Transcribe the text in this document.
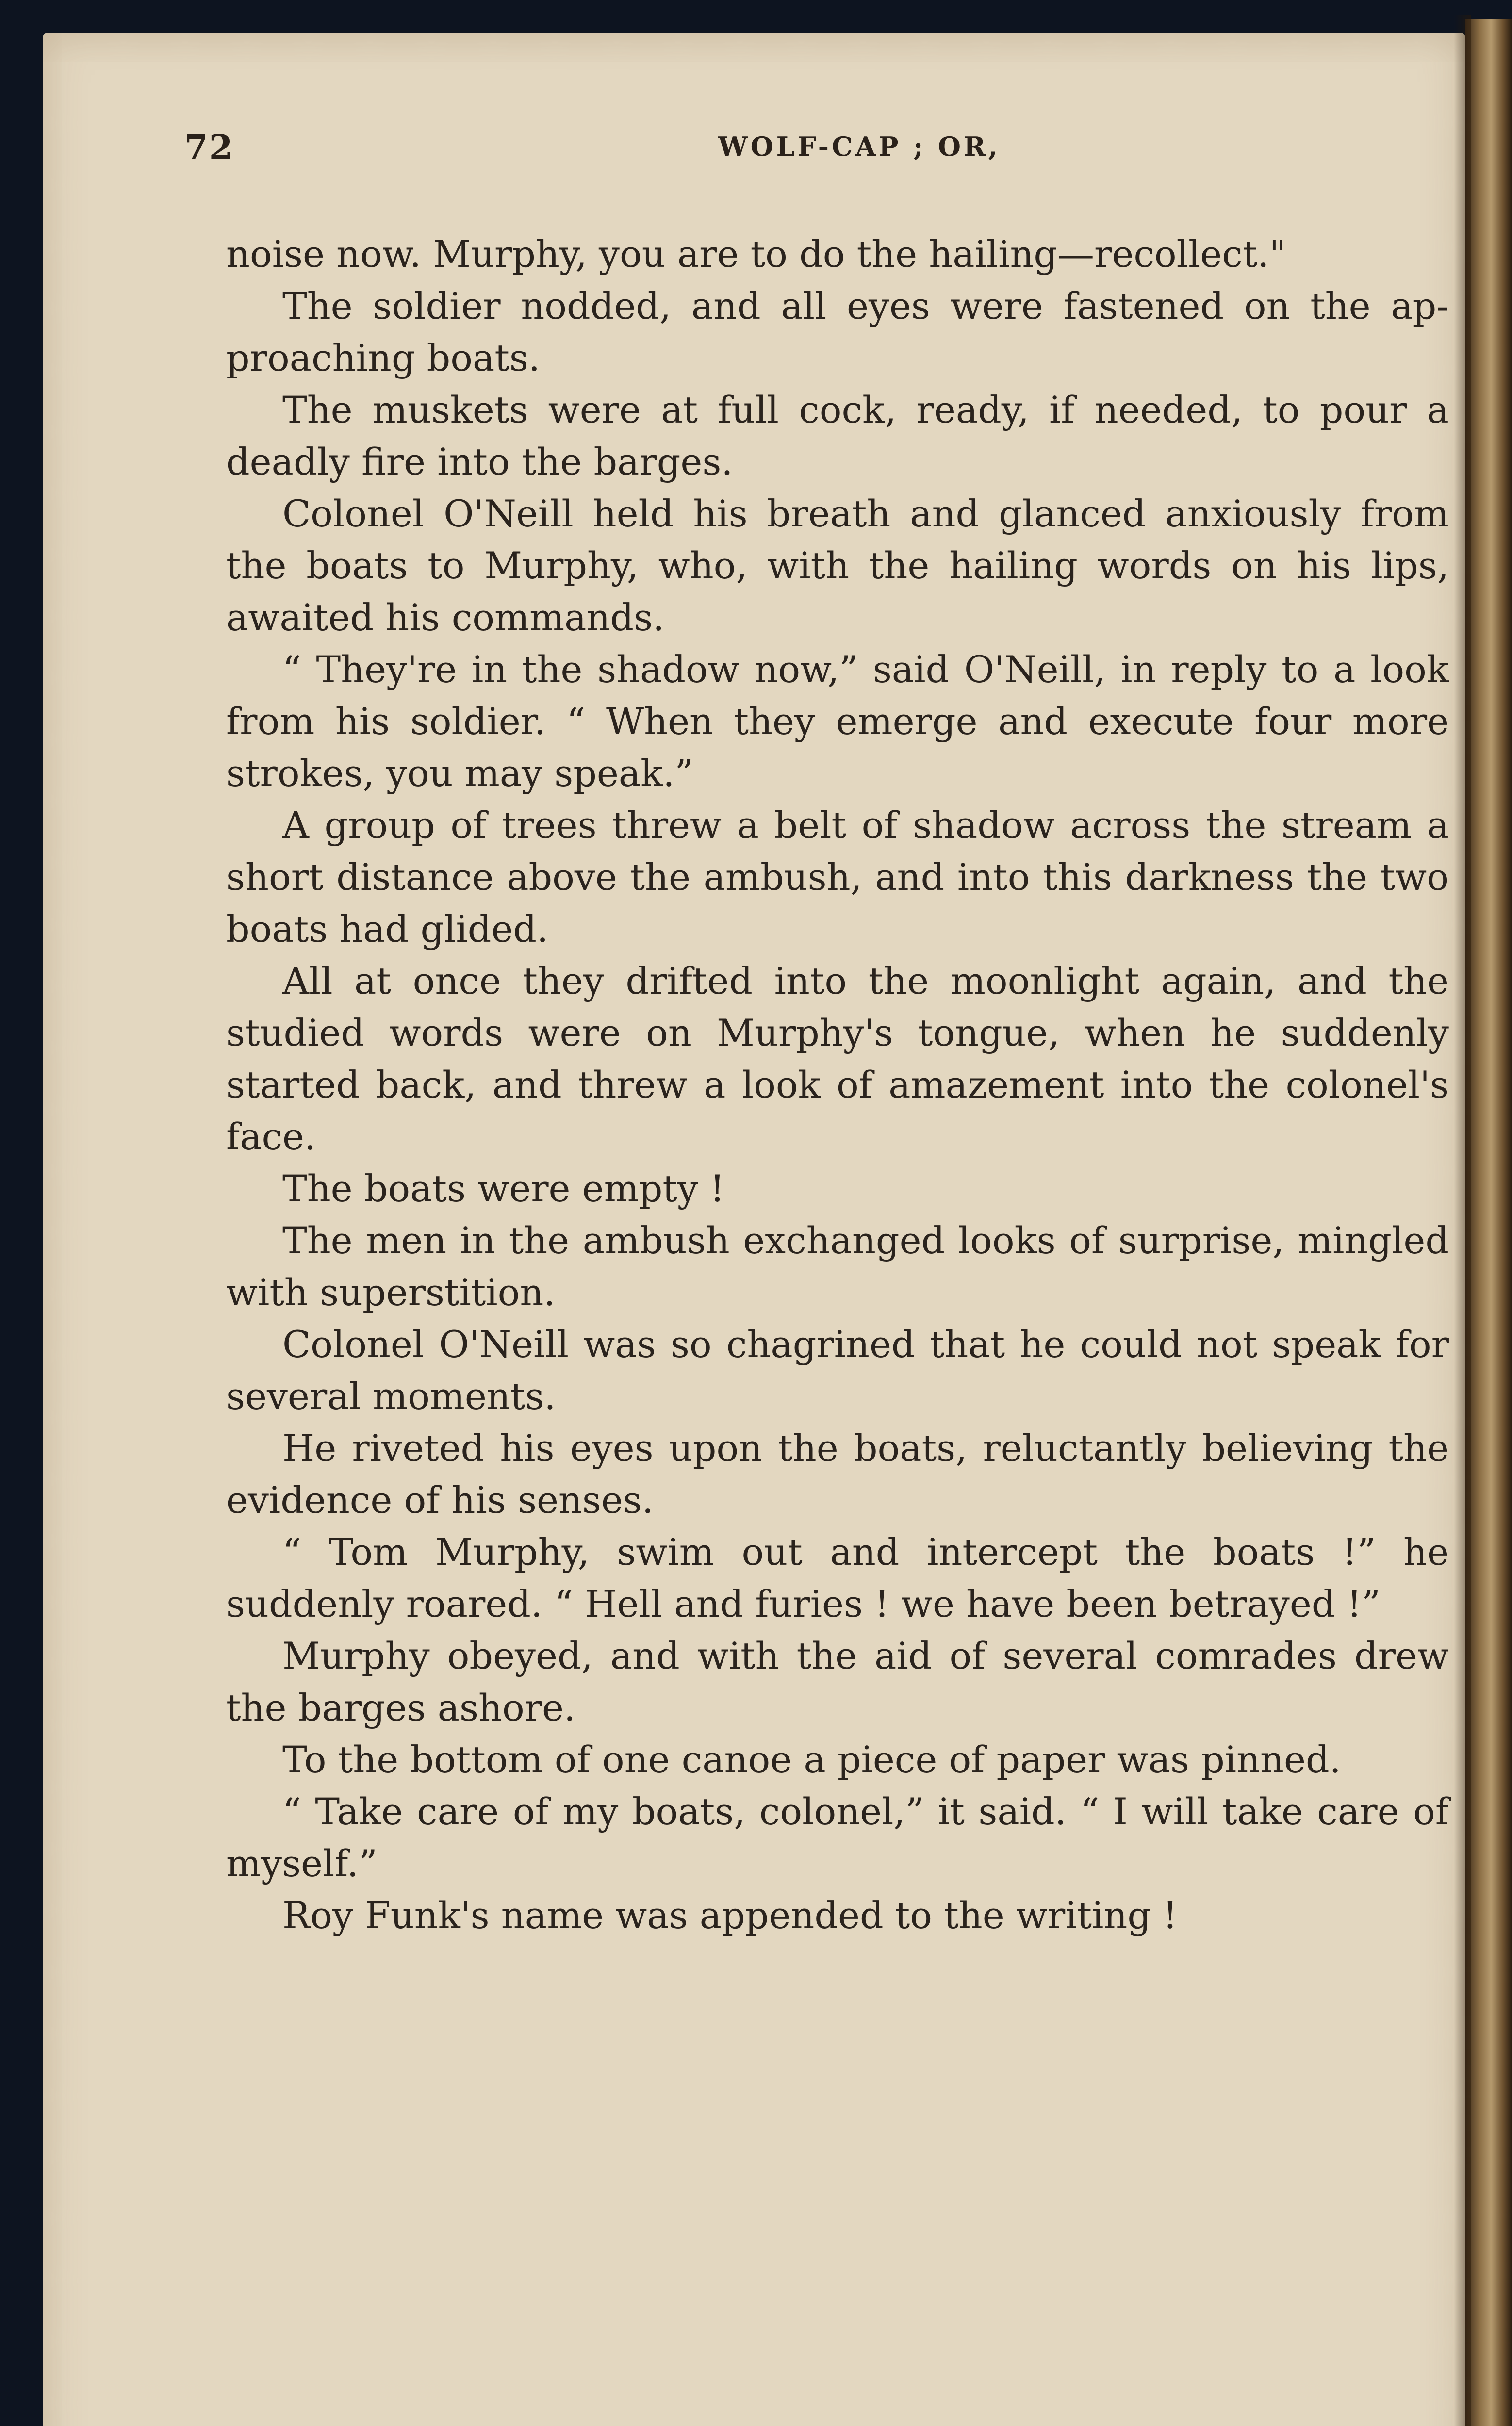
72	WOLF-CAP ; OR,

noise now. Murphy, you are to do the hailing—recollect."

The soldier nodded, and all eyes were fastened on the approaching boats.

The muskets were at full cock, ready, if needed, to pour a deadly fire into the barges.

Colonel O'Neill held his breath and glanced anxiously from the boats to Murphy, who, with the hailing words on his lips, awaited his commands.

“ They're in the shadow now,” said O'Neill, in reply to a look from his soldier. “ When they emerge and execute four more strokes, you may speak.”

A group of trees threw a belt of shadow across the stream a short distance above the ambush, and into this darkness the two boats had glided.

All at once they drifted into the moonlight again, and the studied words were on Murphy's tongue, when he suddenly started back, and threw a look of amazement into the colonel's face.

The boats were empty !

The men in the ambush exchanged looks of surprise, mingled with superstition.

Colonel O'Neill was so chagrined that he could not speak for several moments.

He riveted his eyes upon the boats, reluctantly believing the evidence of his senses.

“ Tom Murphy, swim out and intercept the boats !” he suddenly roared. “ Hell and furies ! we have been betrayed !”

Murphy obeyed, and with the aid of several comrades drew the barges ashore.

To the bottom of one canoe a piece of paper was pinned.

“ Take care of my boats, colonel,” it said. “ I will take care of myself.”

Roy Funk's name was appended to the writing !
